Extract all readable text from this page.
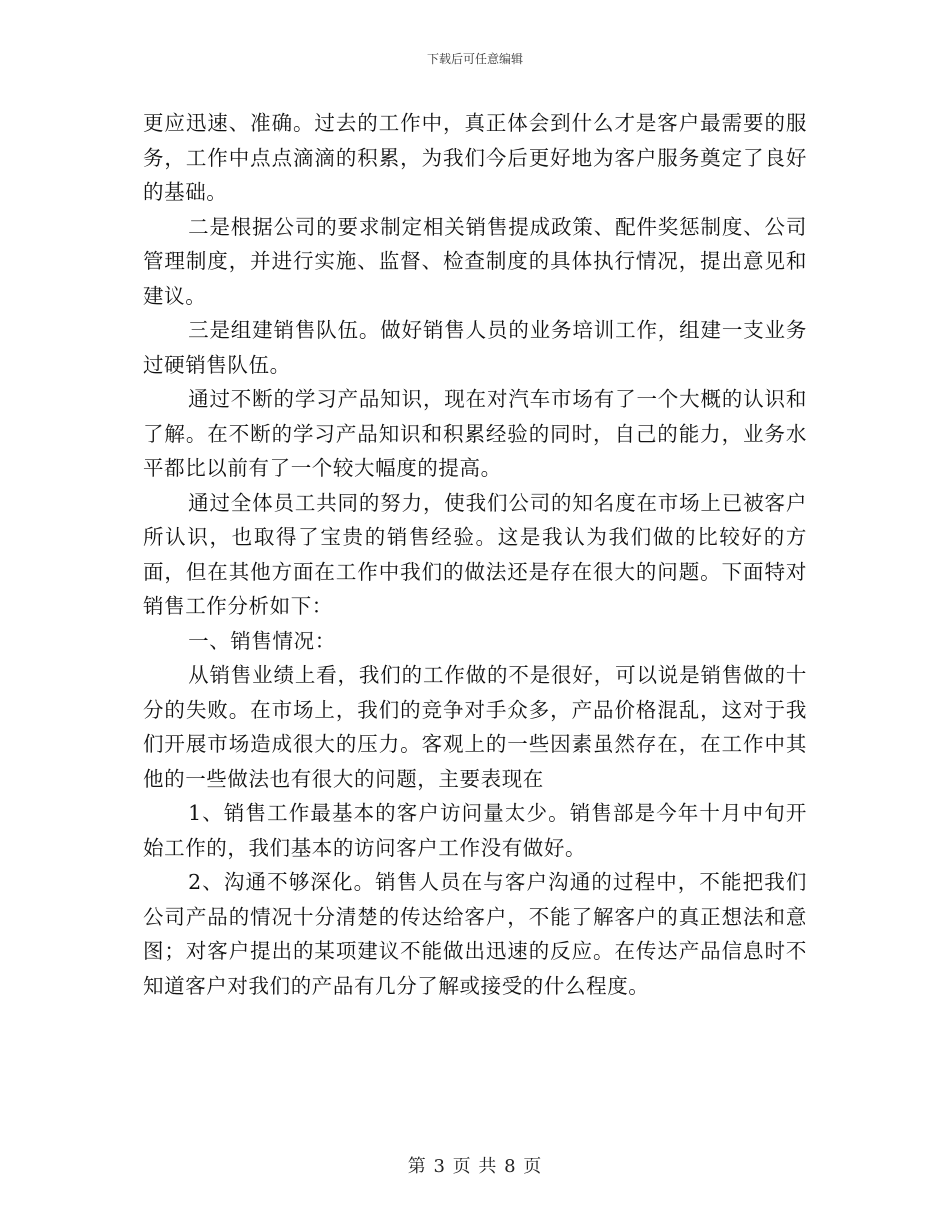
下载后可任意编辑

更应迅速、准确。过去的工作中，真正体会到什么才是客户最需要的服务，工作中点点滴滴的积累，为我们今后更好地为客户服务奠定了良好的基础。

二是根据公司的要求制定相关销售提成政策、配件奖惩制度、公司管理制度，并进行实施、监督、检查制度的具体执行情况，提出意见和建议。

三是组建销售队伍。做好销售人员的业务培训工作，组建一支业务过硬销售队伍。

通过不断的学习产品知识，现在对汽车市场有了一个大概的认识和了解。在不断的学习产品知识和积累经验的同时，自己的能力，业务水平都比以前有了一个较大幅度的提高。

通过全体员工共同的努力，使我们公司的知名度在市场上已被客户所认识，也取得了宝贵的销售经验。这是我认为我们做的比较好的方面，但在其他方面在工作中我们的做法还是存在很大的问题。下面特对销售工作分析如下：

一、销售情况：

从销售业绩上看，我们的工作做的不是很好，可以说是销售做的十分的失败。在市场上，我们的竞争对手众多，产品价格混乱，这对于我们开展市场造成很大的压力。客观上的一些因素虽然存在，在工作中其他的一些做法也有很大的问题，主要表现在

1、销售工作最基本的客户访问量太少。销售部是今年十月中旬开始工作的，我们基本的访问客户工作没有做好。

2、沟通不够深化。销售人员在与客户沟通的过程中，不能把我们公司产品的情况十分清楚的传达给客户，不能了解客户的真正想法和意图；对客户提出的某项建议不能做出迅速的反应。在传达产品信息时不知道客户对我们的产品有几分了解或接受的什么程度。

第 3 页 共 8 页
